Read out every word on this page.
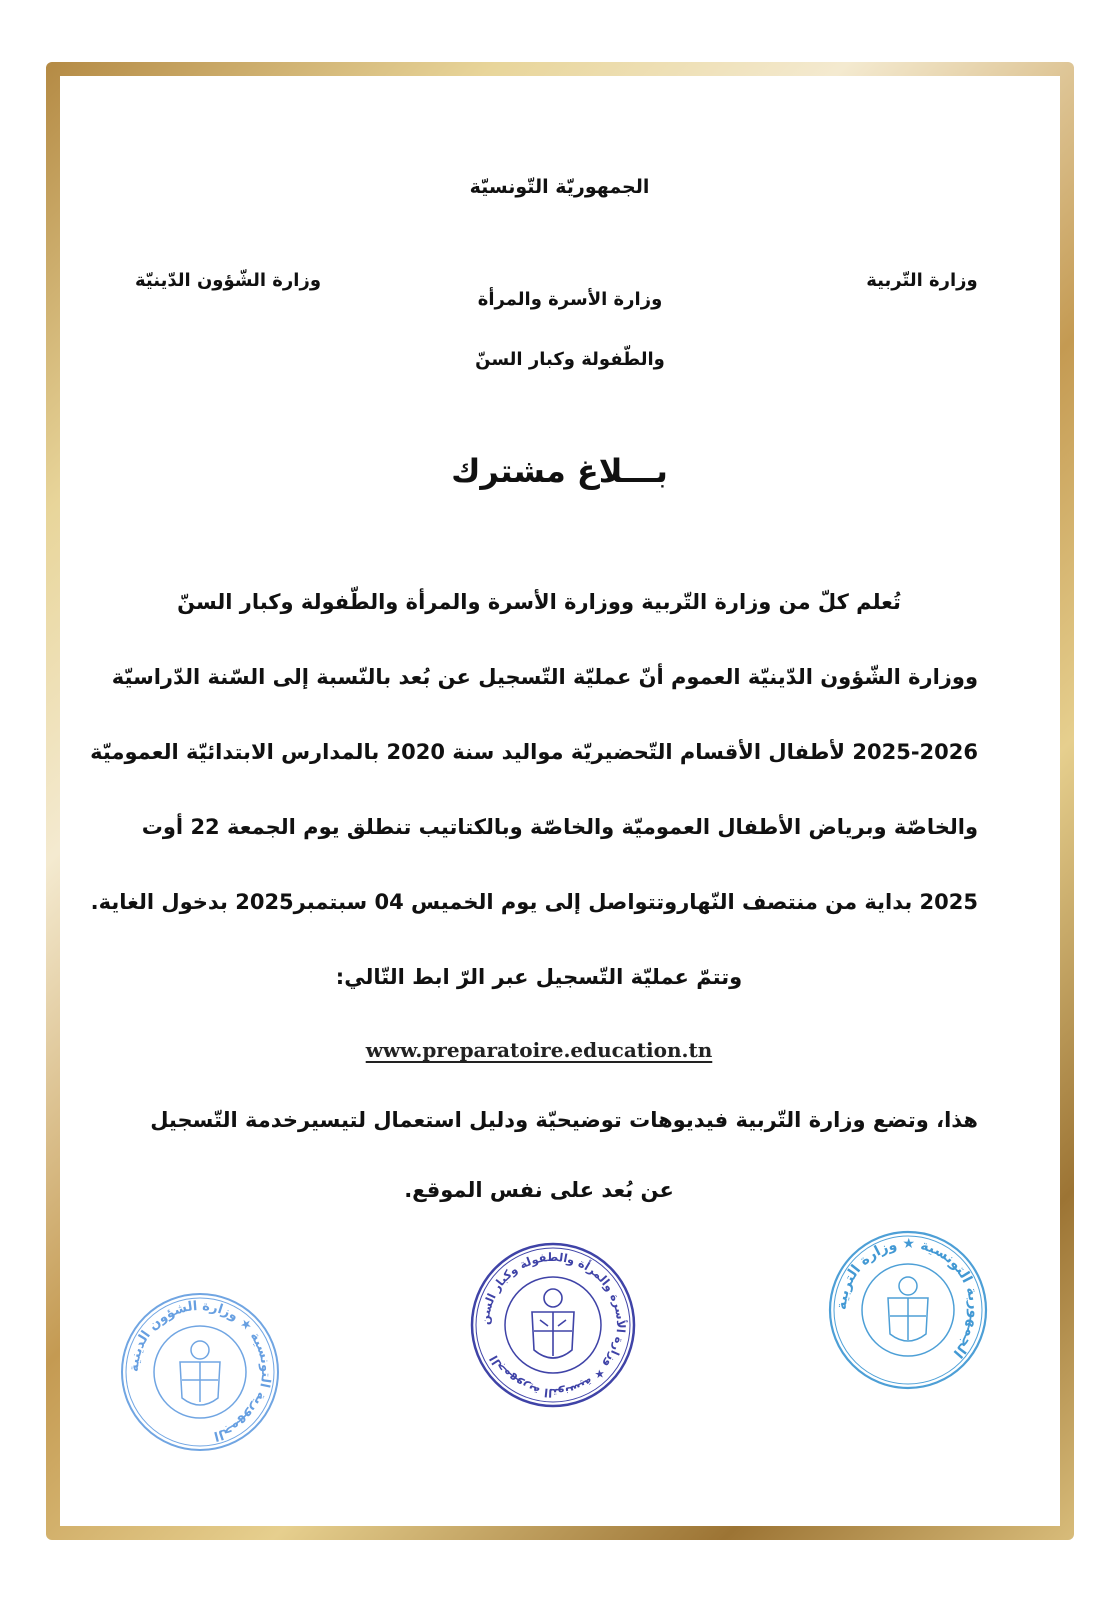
الجمهوريّة التّونسيّة
وزارة التّربية
وزارة الأسرة والمرأة
والطّفولة وكبار السنّ
وزارة الشّؤون الدّينيّة
بـــلاغ مشترك
تُعلم كلّ من وزارة التّربية ووزارة الأسرة والمرأة والطّفولة وكبار السنّ
ووزارة الشّؤون الدّينيّة العموم أنّ عمليّة التّسجيل عن بُعد بالنّسبة إلى السّنة الدّراسيّة
2025-2026 لأطفال الأقسام التّحضيريّة مواليد سنة 2020 بالمدارس الابتدائيّة العموميّة
والخاصّة وبرياض الأطفال العموميّة والخاصّة وبالكتاتيب تنطلق يوم الجمعة 22 أوت
2025 بداية من منتصف النّهاروتتواصل إلى يوم الخميس 04 سبتمبر2025 بدخول الغاية.
وتتمّ عمليّة التّسجيل عبر الرّ ابط التّالي:
www.preparatoire.education.tn
هذا، وتضع وزارة التّربية فيديوهات توضيحيّة ودليل استعمال لتيسيرخدمة التّسجيل
عن بُعد على نفس الموقع.
الجمهورية التونسية ★ وزارة الشؤون الدينية
الجمهورية التونسية ★ وزارة الأسرة والمرأة والطفولة وكبار السن
الجمهورية التونسية ★ وزارة التربية
